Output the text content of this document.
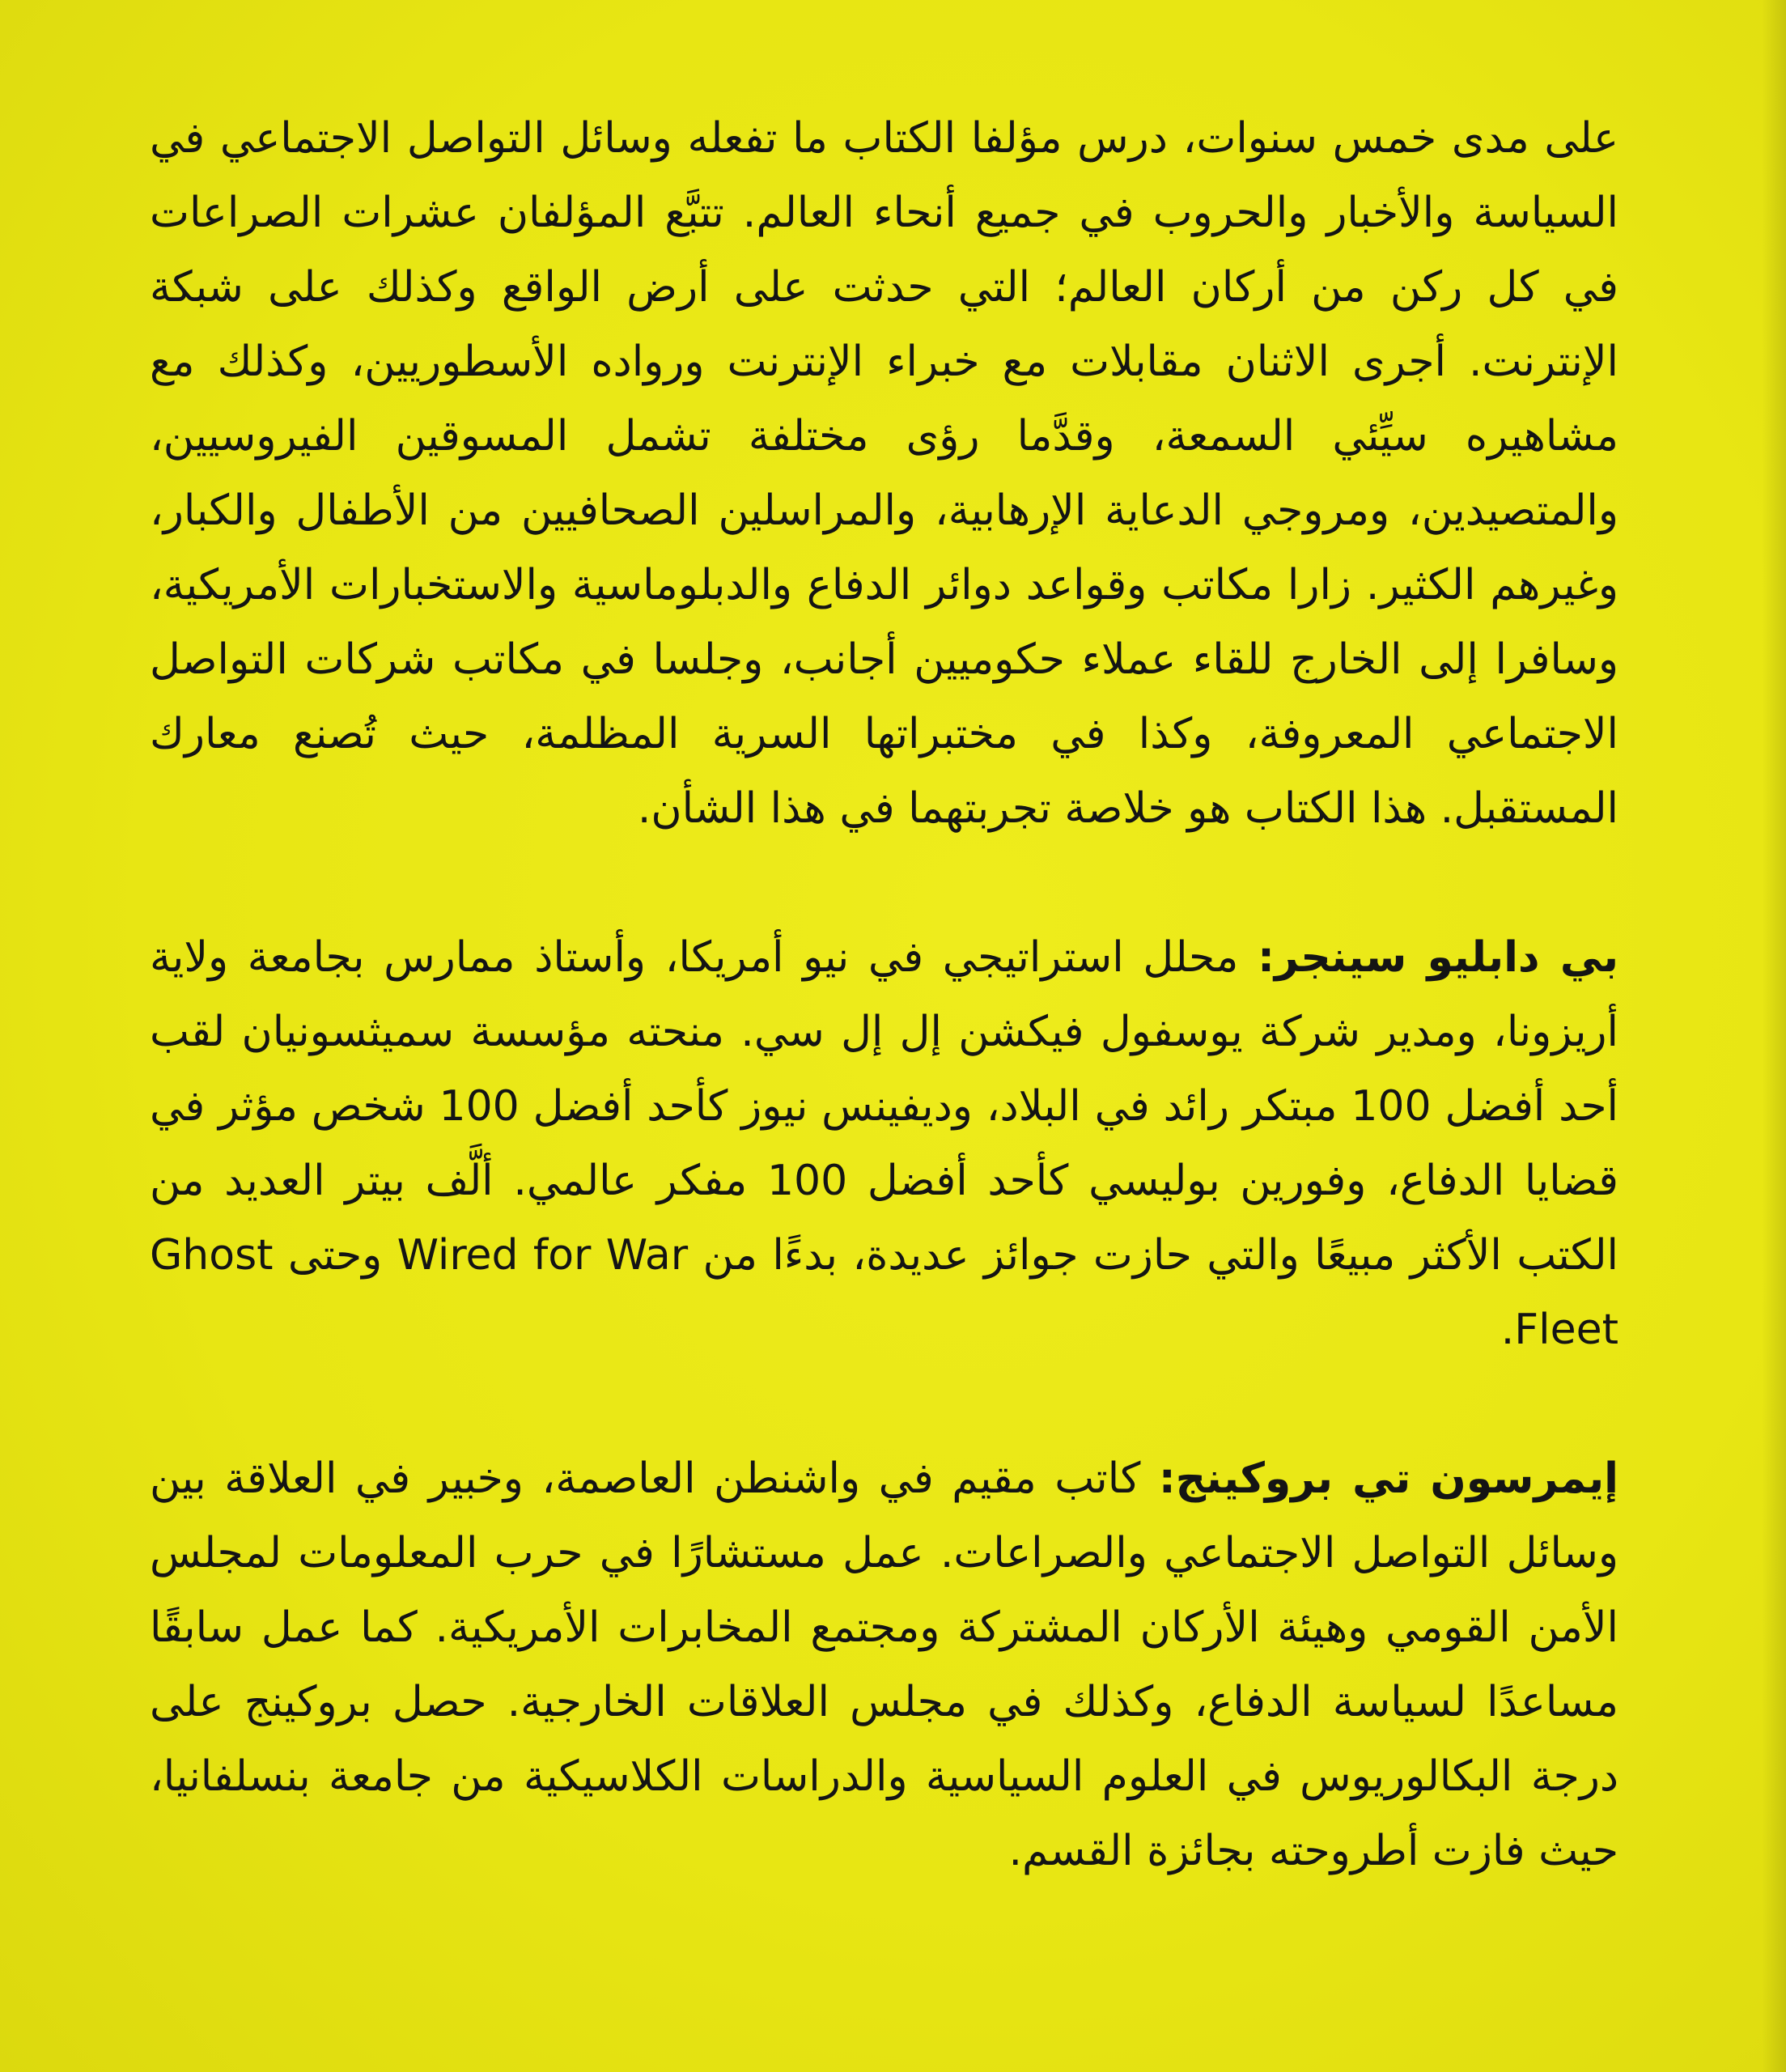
على مدى خمس سنوات، درس مؤلفا الكتاب ما تفعله وسائل التواصل الاجتماعي في السياسة والأخبار والحروب في جميع أنحاء العالم. تتبَّع المؤلفان عشرات الصراعات في كل ركن من أركان العالم؛ التي حدثت على أرض الواقع وكذلك على شبكة الإنترنت. أجرى الاثنان مقابلات مع خبراء الإنترنت ورواده الأسطوريين، وكذلك مع مشاهيره سيِّئي السمعة، وقدَّما رؤى مختلفة تشمل المسوقين الفيروسيين، والمتصيدين، ومروجي الدعاية الإرهابية، والمراسلين الصحافيين من الأطفال والكبار، وغيرهم الكثير. زارا مكاتب وقواعد دوائر الدفاع والدبلوماسية والاستخبارات الأمريكية، وسافرا إلى الخارج للقاء عملاء حكوميين أجانب، وجلسا في مكاتب شركات التواصل الاجتماعي المعروفة، وكذا في مختبراتها السرية المظلمة، حيث تُصنع معارك المستقبل. هذا الكتاب هو خلاصة تجربتهما في هذا الشأن.

بي دابليو سينجر: محلل استراتيجي في نيو أمريكا، وأستاذ ممارس بجامعة ولاية أريزونا، ومدير شركة يوسفول فيكشن إل إل سي. منحته مؤسسة سميثسونيان لقب أحد أفضل 100 مبتكر رائد في البلاد، وديفينس نيوز كأحد أفضل 100 شخص مؤثر في قضايا الدفاع، وفورين بوليسي كأحد أفضل 100 مفكر عالمي. ألَّف بيتر العديد من الكتب الأكثر مبيعًا والتي حازت جوائز عديدة، بدءًا من Wired for War وحتى Ghost Fleet.

إيمرسون تي بروكينج: كاتب مقيم في واشنطن العاصمة، وخبير في العلاقة بين وسائل التواصل الاجتماعي والصراعات. عمل مستشارًا في حرب المعلومات لمجلس الأمن القومي وهيئة الأركان المشتركة ومجتمع المخابرات الأمريكية. كما عمل سابقًا مساعدًا لسياسة الدفاع، وكذلك في مجلس العلاقات الخارجية. حصل بروكينج على درجة البكالوريوس في العلوم السياسية والدراسات الكلاسيكية من جامعة بنسلفانيا، حيث فازت أطروحته بجائزة القسم.
